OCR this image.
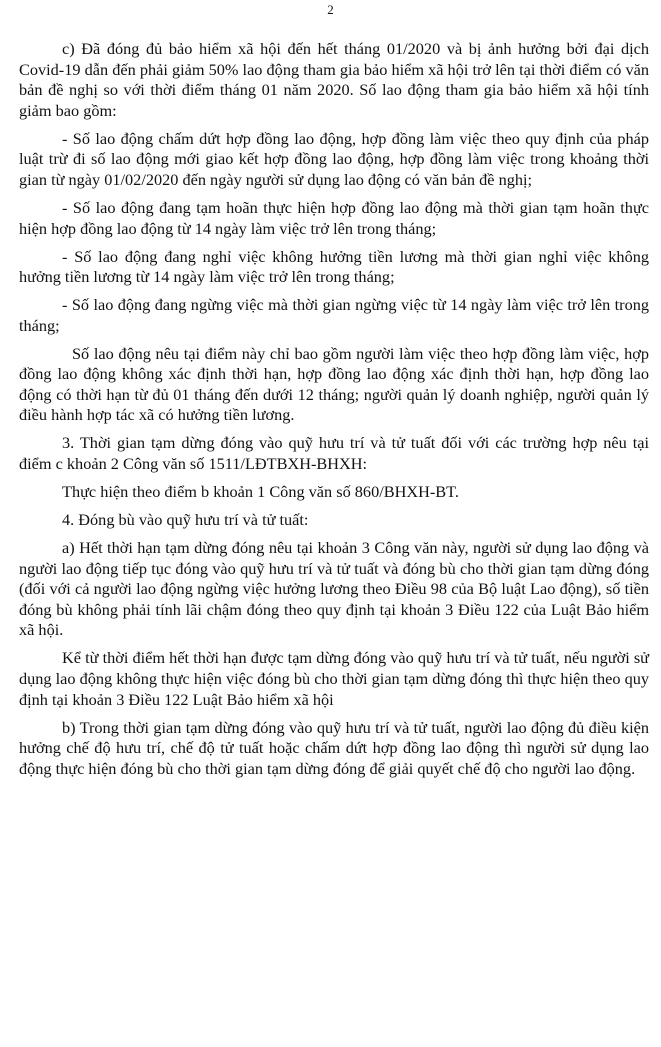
2

c) Đã đóng đủ bảo hiểm xã hội đến hết tháng 01/2020 và bị ảnh hưởng bởi đại dịch Covid-19 dẫn đến phải giảm 50% lao động tham gia bảo hiểm xã hội trở lên tại thời điểm có văn bản đề nghị so với thời điểm tháng 01 năm 2020. Số lao động tham gia bảo hiểm xã hội tính giảm bao gồm:

- Số lao động chấm dứt hợp đồng lao động, hợp đồng làm việc theo quy định của pháp luật trừ đi số lao động mới giao kết hợp đồng lao động, hợp đồng làm việc trong khoảng thời gian từ ngày 01/02/2020 đến ngày người sử dụng lao động có văn bản đề nghị;

- Số lao động đang tạm hoãn thực hiện hợp đồng lao động mà thời gian tạm hoãn thực hiện hợp đồng lao động từ 14 ngày làm việc trở lên trong tháng;

- Số lao động đang nghỉ việc không hưởng tiền lương mà thời gian nghỉ việc không hưởng tiền lương từ 14 ngày làm việc trở lên trong tháng;

- Số lao động đang ngừng việc mà thời gian ngừng việc từ 14 ngày làm việc trở lên trong tháng;

Số lao động nêu tại điểm này chỉ bao gồm người làm việc theo hợp đồng làm việc, hợp đồng lao động không xác định thời hạn, hợp đồng lao động xác định thời hạn, hợp đồng lao động có thời hạn từ đủ 01 tháng đến dưới 12 tháng; người quản lý doanh nghiệp, người quản lý điều hành hợp tác xã có hưởng tiền lương.

3. Thời gian tạm dừng đóng vào quỹ hưu trí và tử tuất đối với các trường hợp nêu tại điểm c khoản 2 Công văn số 1511/LĐTBXH-BHXH:

Thực hiện theo điểm b khoản 1 Công văn số 860/BHXH-BT.

4. Đóng bù vào quỹ hưu trí và tử tuất:

a) Hết thời hạn tạm dừng đóng nêu tại khoản 3 Công văn này, người sử dụng lao động và người lao động tiếp tục đóng vào quỹ hưu trí và tử tuất và đóng bù cho thời gian tạm dừng đóng (đối với cả người lao động ngừng việc hưởng lương theo Điều 98 của Bộ luật Lao động), số tiền đóng bù không phải tính lãi chậm đóng theo quy định tại khoản 3 Điều 122 của Luật Bảo hiểm xã hội.

Kể từ thời điểm hết thời hạn được tạm dừng đóng vào quỹ hưu trí và tử tuất, nếu người sử dụng lao động không thực hiện việc đóng bù cho thời gian tạm dừng đóng thì thực hiện theo quy định tại khoản 3 Điều 122 Luật Bảo hiểm xã hội

b) Trong thời gian tạm dừng đóng vào quỹ hưu trí và tử tuất, người lao động đủ điều kiện hưởng chế độ hưu trí, chế độ tử tuất hoặc chấm dứt hợp đồng lao động thì người sử dụng lao động thực hiện đóng bù cho thời gian tạm dừng đóng để giải quyết chế độ cho người lao động.
